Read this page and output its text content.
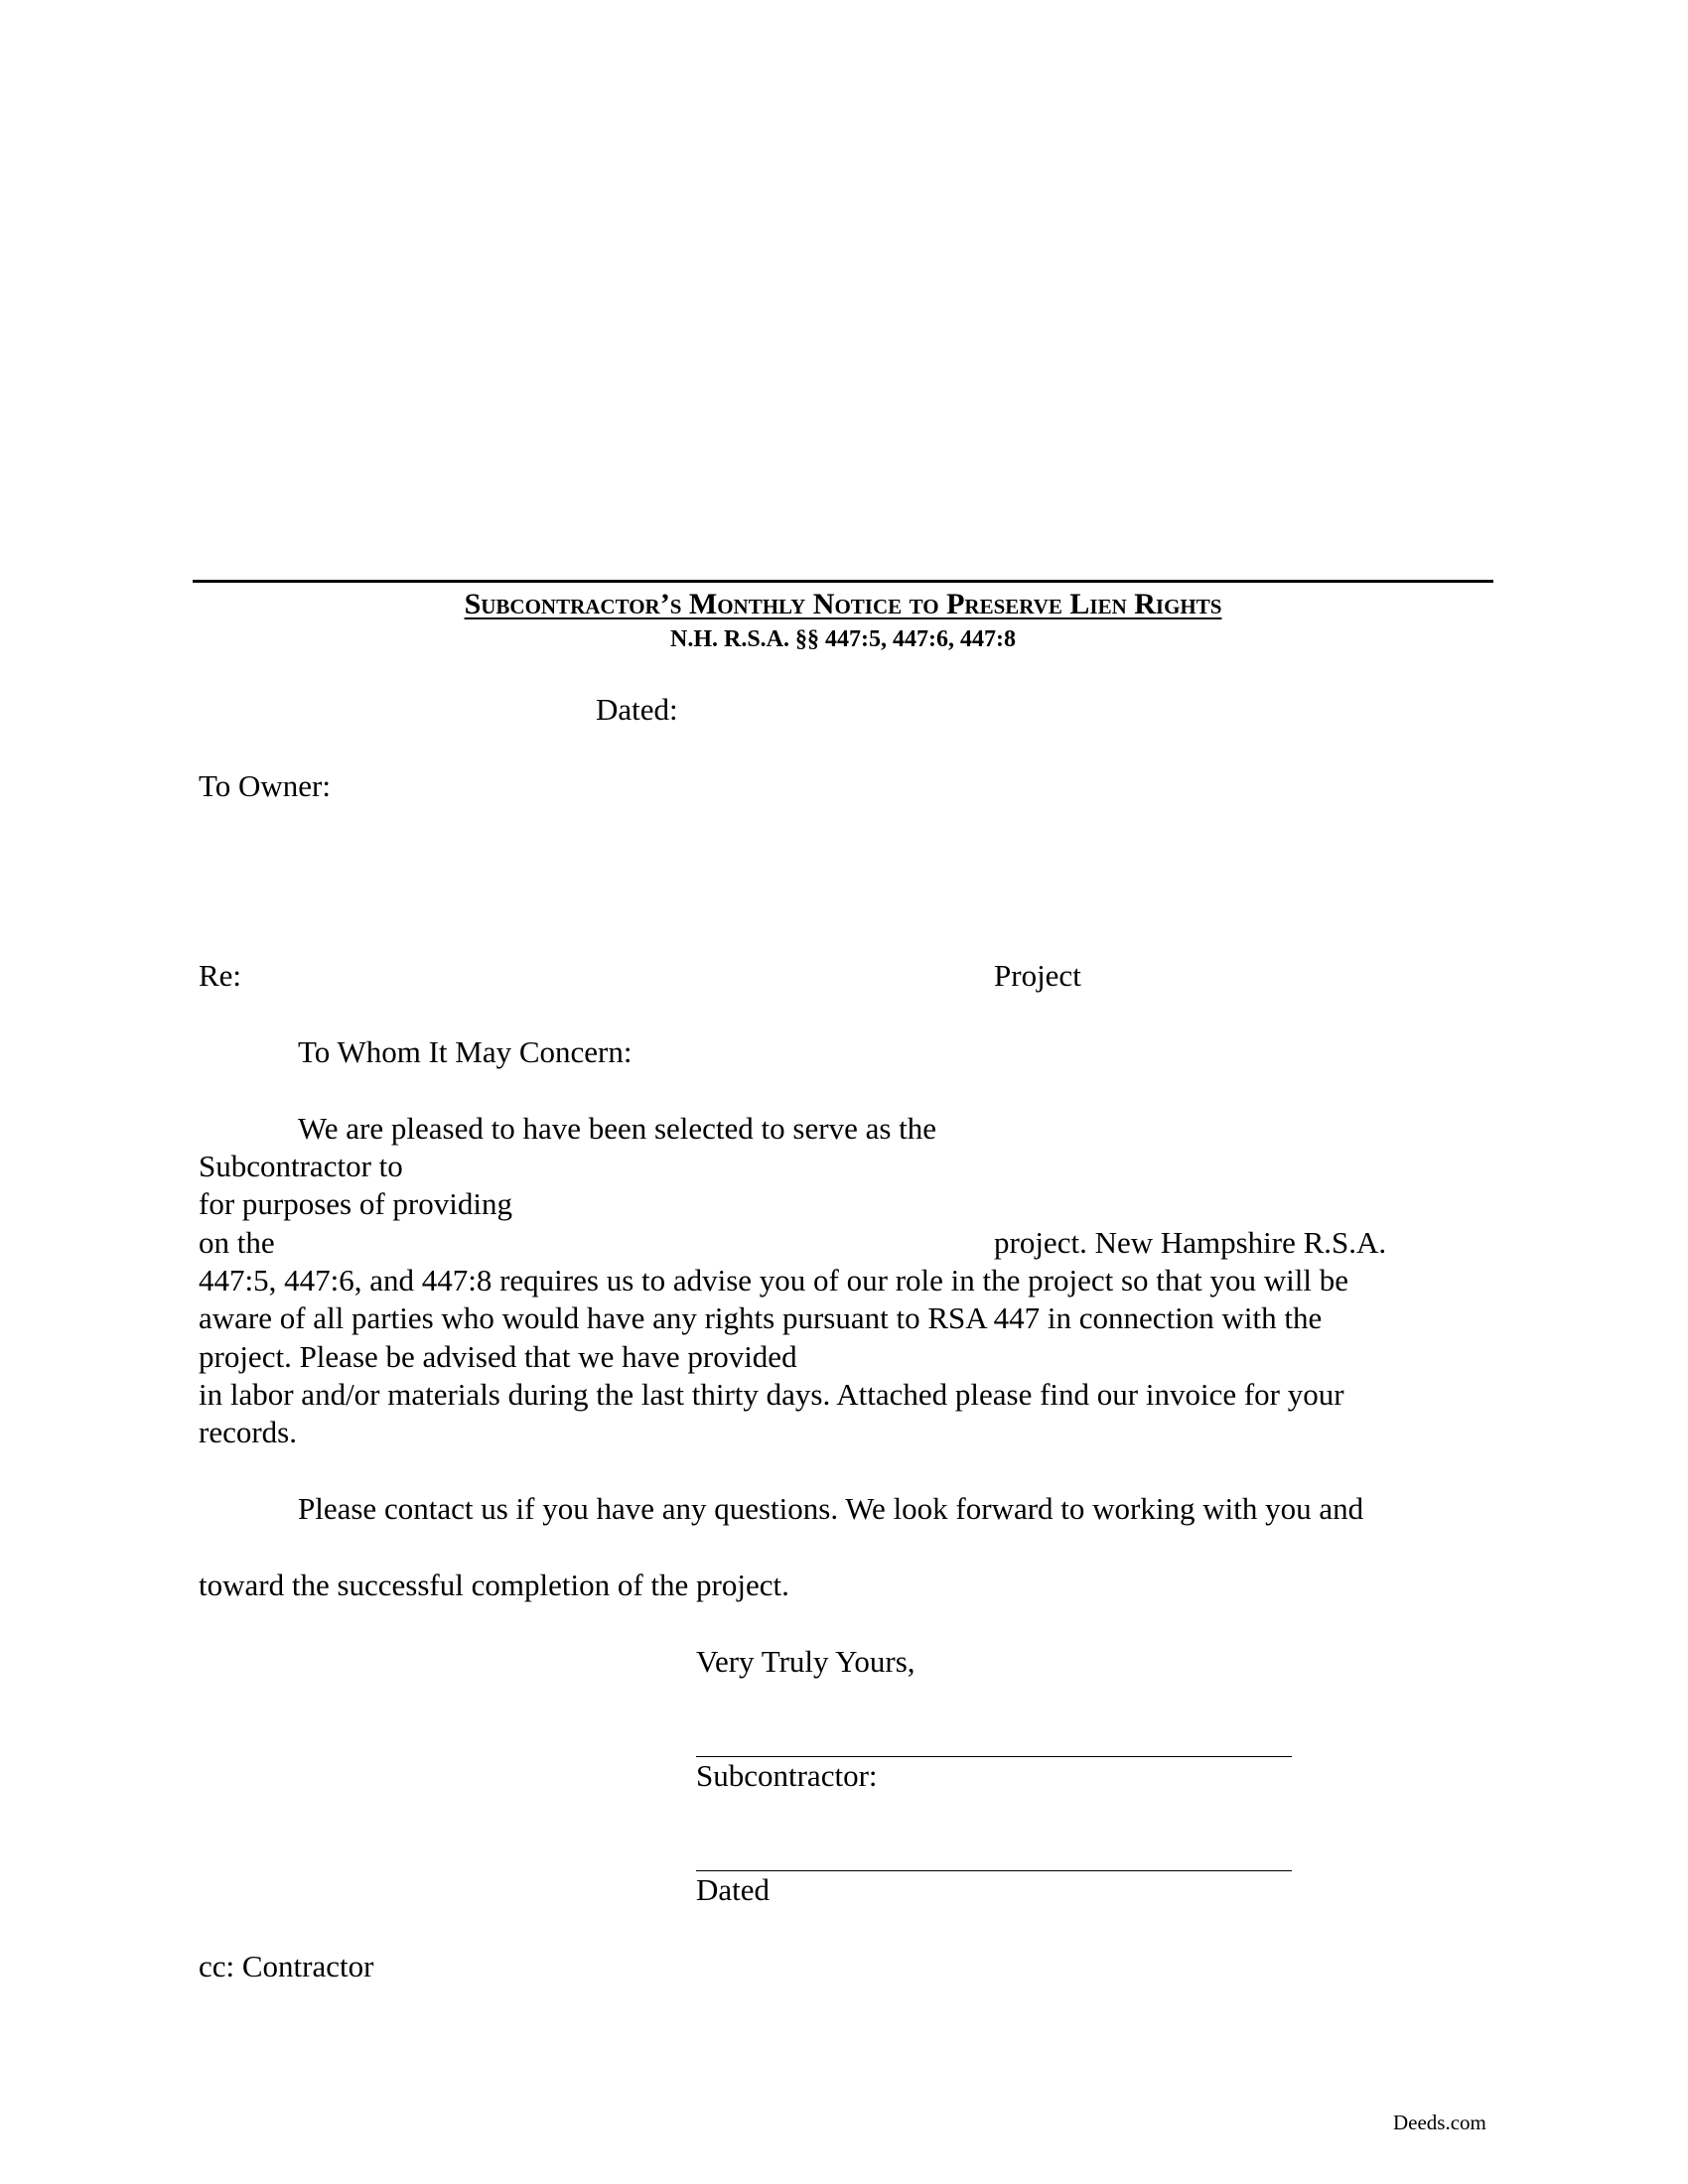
Subcontractor’s Monthly Notice to Preserve Lien Rights
N.H. R.S.A. §§ 447:5, 447:6, 447:8
Dated:
To Owner:
Re:	Project
To Whom It May Concern:
We are pleased to have been selected to serve as the
Subcontractor to
for purposes of providing
on the	project. New Hampshire R.S.A.
447:5, 447:6, and 447:8 requires us to advise you of our role in the project so that you will be
aware of all parties who would have any rights pursuant to RSA 447 in connection with the
project. Please be advised that we have provided
in labor and/or materials during the last thirty days. Attached please find our invoice for your
records.
Please contact us if you have any questions. We look forward to working with you and
toward the successful completion of the project.
Very Truly Yours,
Subcontractor:
Dated
cc: Contractor
Deeds.com
